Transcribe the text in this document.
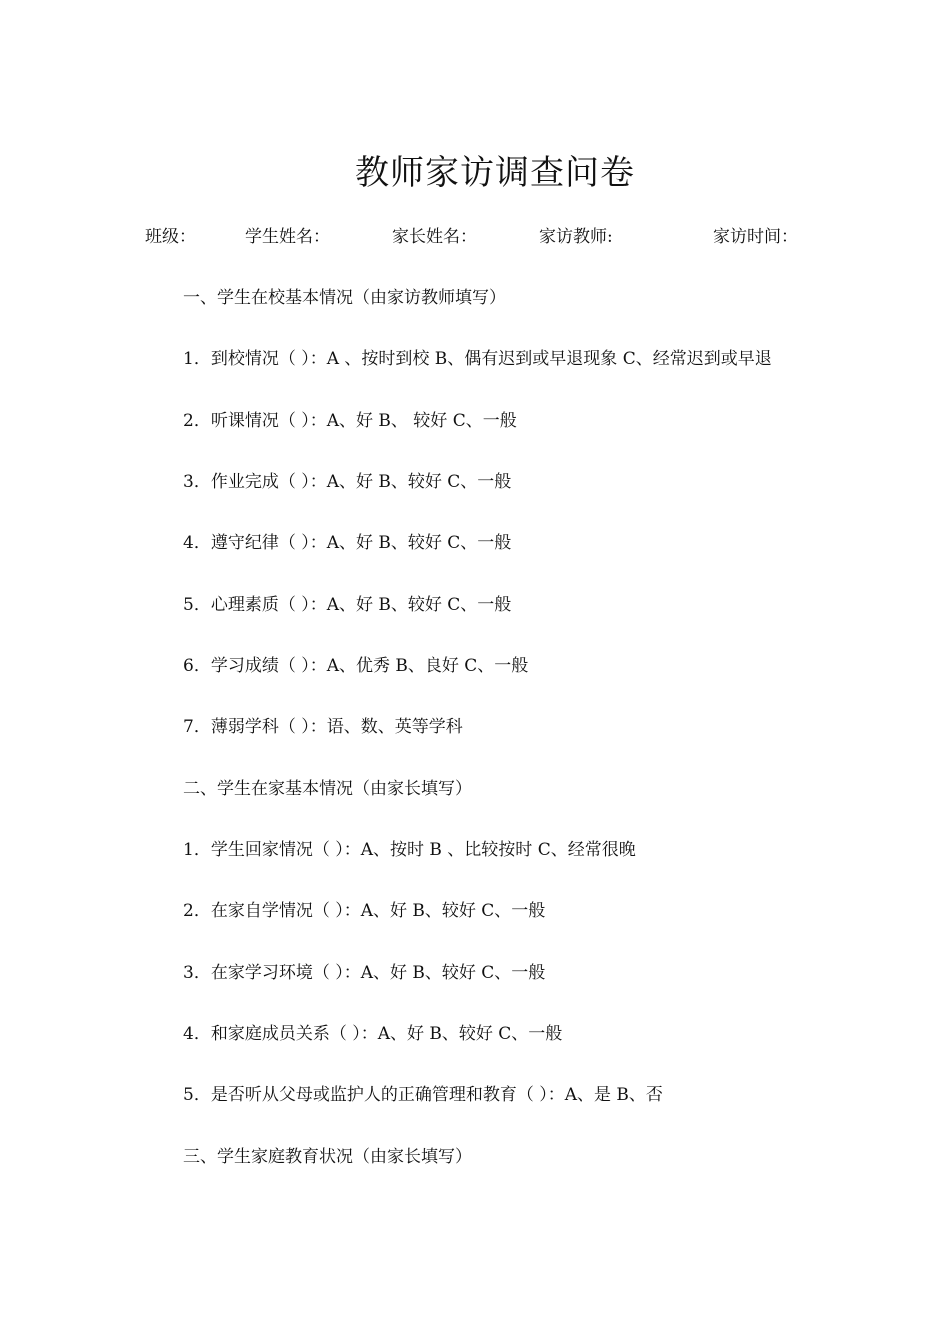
教师家访调查问卷
班级：	学生姓名：	家长姓名：	家访教师:	家访时间：
一、学生在校基本情况（由家访教师填写）
1．到校情况（ ）：A 、按时到校 B、偶有迟到或早退现象 C、经常迟到或早退
2．听课情况（ ）：A、好 B、 较好 C、一般
3．作业完成（ ）：A、好 B、较好 C、一般
4．遵守纪律（ ）：A、好 B、较好 C、一般
5．心理素质（ ）：A、好 B、较好 C、一般
6．学习成绩（ ）：A、优秀 B、良好 C、一般
7．薄弱学科（ ）：语、数、英等学科
二、学生在家基本情况（由家长填写）
1．学生回家情况（ ）：A、按时 B 、比较按时 C、经常很晚
2．在家自学情况（ ）：A、好 B、较好 C、一般
3．在家学习环境（ ）：A、好 B、较好 C、一般
4．和家庭成员关系（ ）：A、好 B、较好 C、一般
5．是否听从父母或监护人的正确管理和教育（ ）：A、是 B、否
三、学生家庭教育状况（由家长填写）
